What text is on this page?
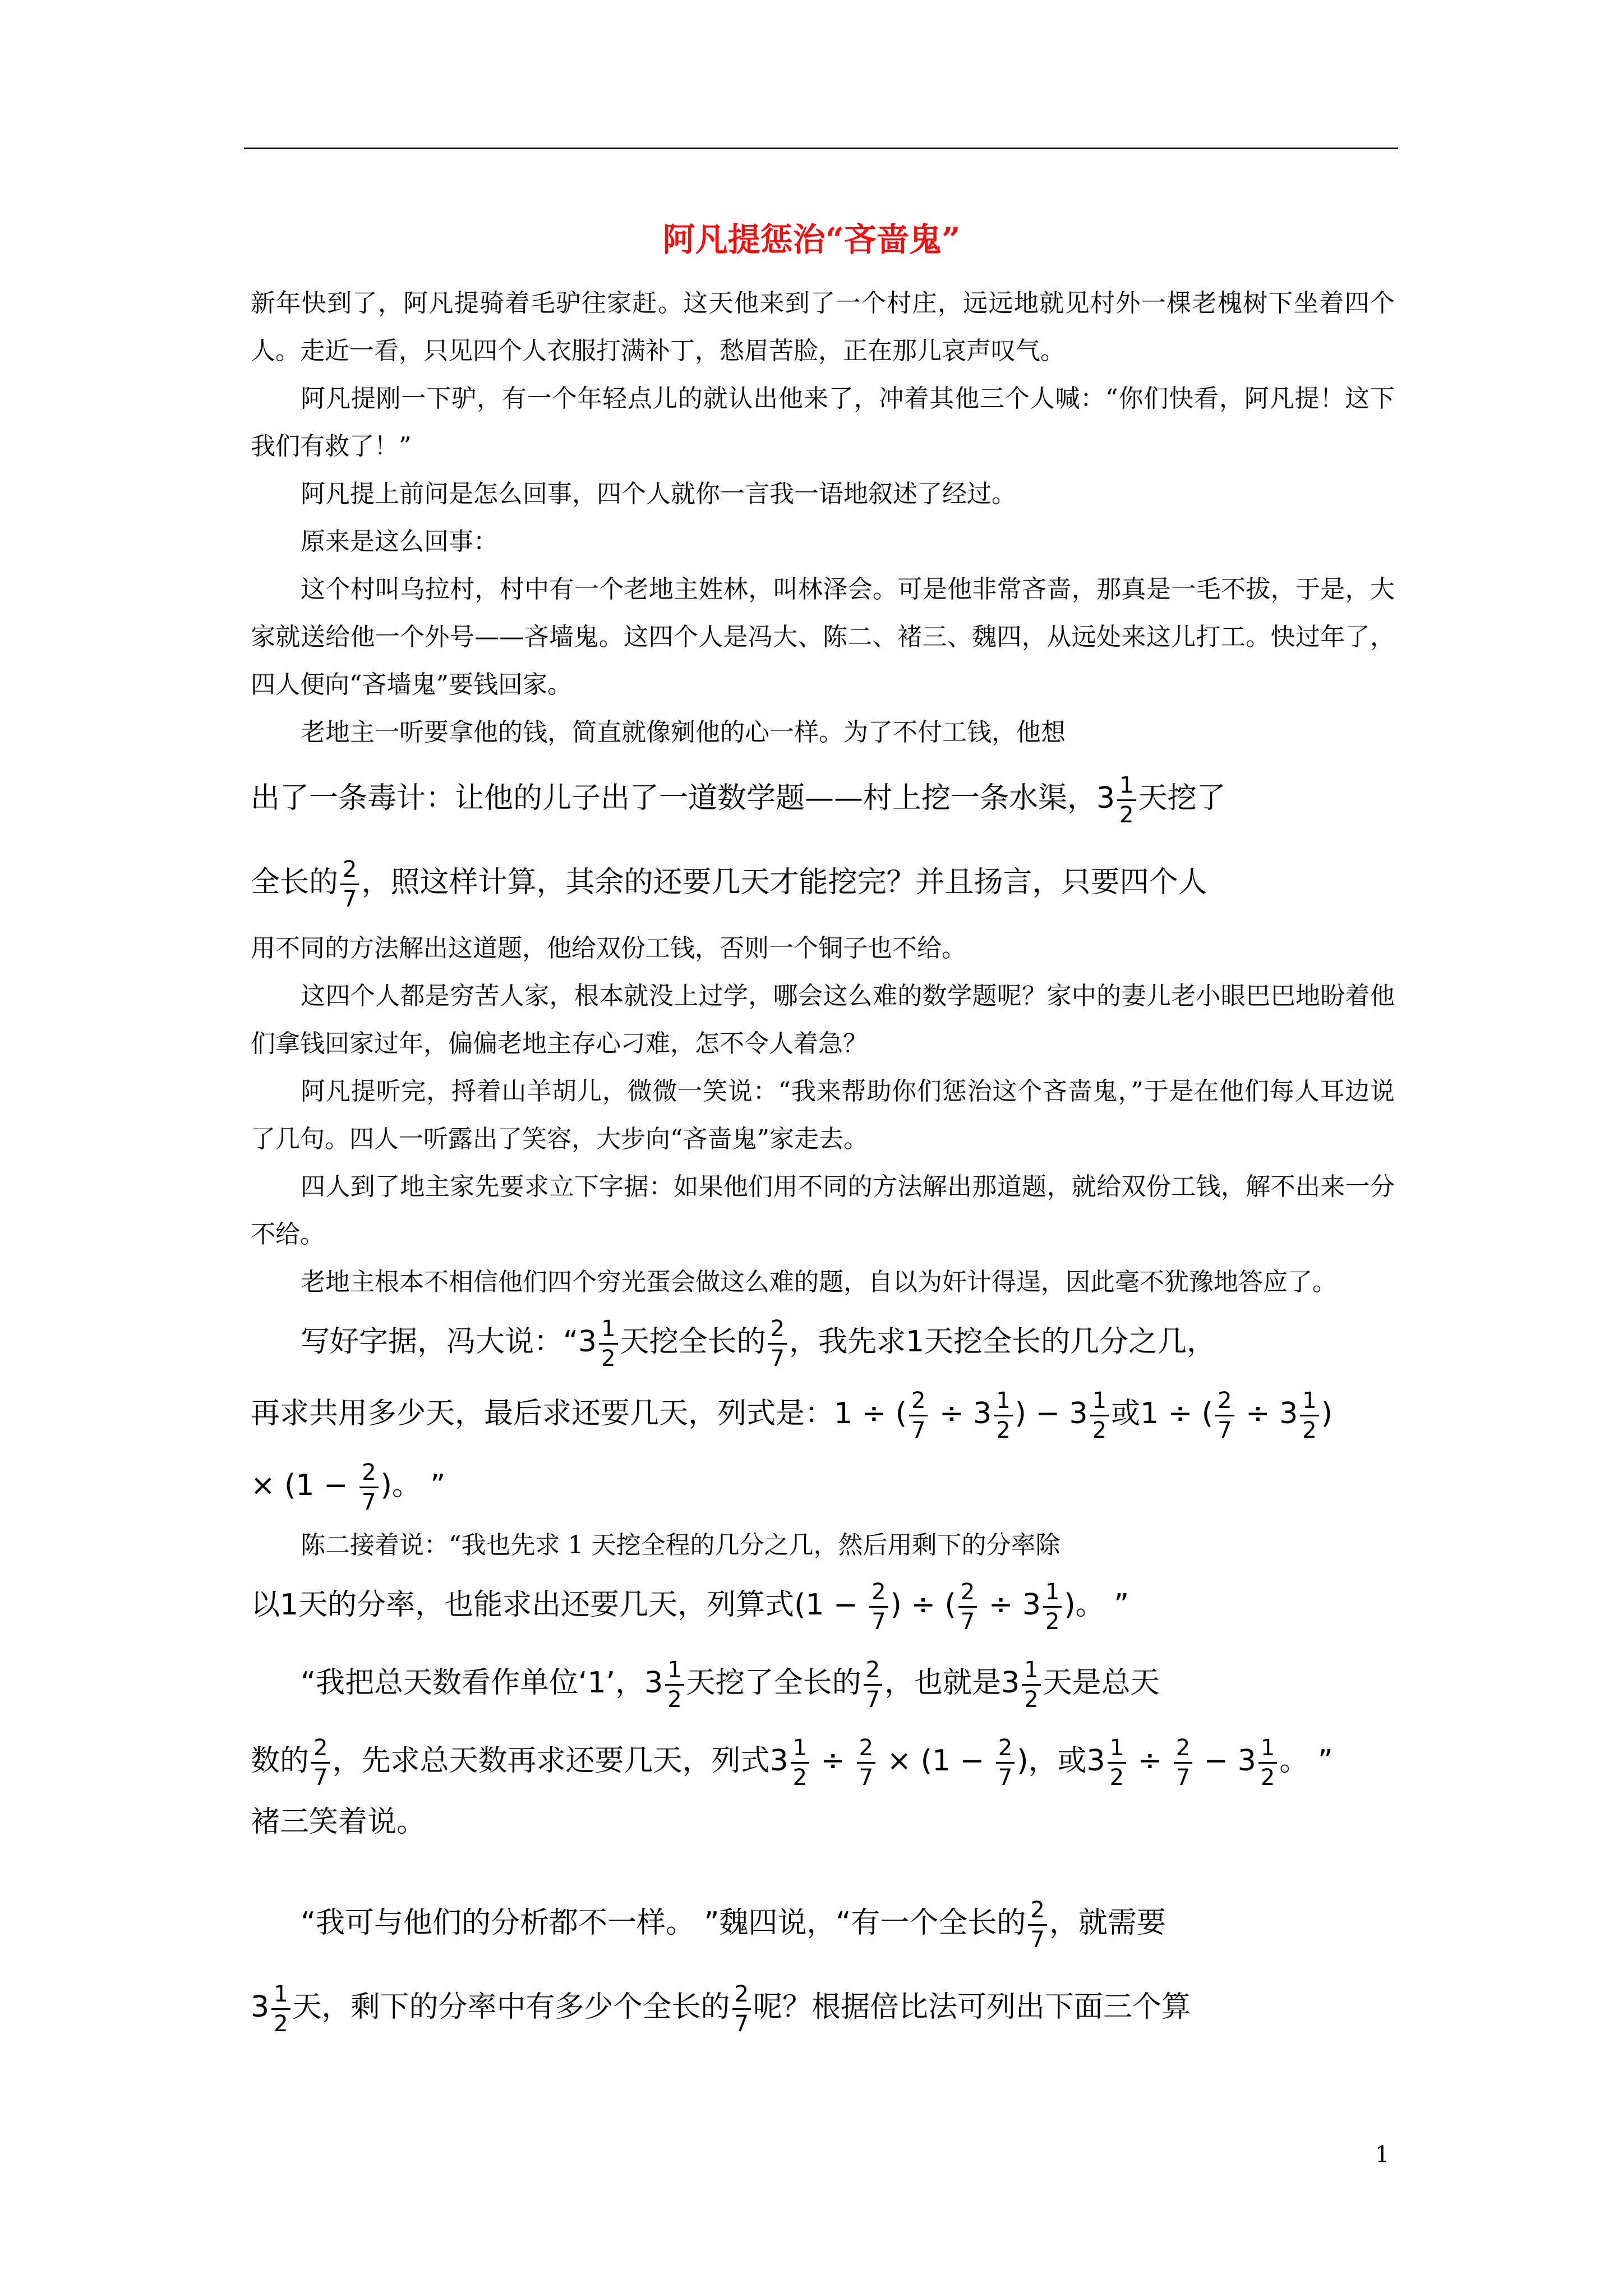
阿凡提惩治“吝啬鬼”

新年快到了，阿凡提骑着毛驴往家赶。这天他来到了一个村庄，远远地就见村外一棵老槐树下坐着四个人。走近一看，只见四个人衣服打满补丁，愁眉苦脸，正在那儿哀声叹气。

阿凡提刚一下驴，有一个年轻点儿的就认出他来了，冲着其他三个人喊：“你们快看，阿凡提！这下我们有救了！”

阿凡提上前问是怎么回事，四个人就你一言我一语地叙述了经过。

原来是这么回事：

这个村叫乌拉村，村中有一个老地主姓林，叫林泽会。可是他非常吝啬，那真是一毛不拔，于是，大家就送给他一个外号——吝墙鬼。这四个人是冯大、陈二、褚三、魏四，从远处来这儿打工。快过年了，四人便向“吝墙鬼”要钱回家。

老地主一听要拿他的钱，简直就像剜他的心一样。为了不付工钱，他想

出了一条毒计：让他的儿子出了一道数学题——村上挖一条水渠，$3 \frac{1}{2}$ 天挖了

全长的 $\frac{2}{7}$ ，照这样计算，其余的还要几天才能挖完？并且扬言，只要四个人

用不同的方法解出这道题，他给双份工钱，否则一个铜子也不给。

这四个人都是穷苦人家，根本就没上过学，哪会这么难的数学题呢？家中的妻儿老小眼巴巴地盼着他们拿钱回家过年，偏偏老地主存心刁难，怎不令人着急？

阿凡提听完，捋着山羊胡儿，微微一笑说：“我来帮助你们惩治这个吝啬鬼，”于是在他们每人耳边说了几句。四人一听露出了笑容，大步向“吝啬鬼”家走去。

四人到了地主家先要求立下字据：如果他们用不同的方法解出那道题，就给双份工钱，解不出来一分不给。

老地主根本不相信他们四个穷光蛋会做这么难的题，自以为奸计得逞，因此毫不犹豫地答应了。

写好字据，冯大说：“$3 \frac{1}{2}$ 天挖全长的 $\frac{2}{7}$ ，我先求1天挖全长的几分之几，

再求共用多少天，最后求还要几天，列式是：1 ÷ ( $\frac{2}{7} \div 3 \frac{1}{2}$ ) − $3 \frac{1}{2}$ 或1 ÷ ( $\frac{2}{7} \div 3 \frac{1}{2}$ )

× ($1 - \frac{2}{7}$ )。 ”

陈二接着说：“我也先求 1 天挖全程的几分之几，然后用剩下的分率除

以1天的分率，也能求出还要几天，列算式($1 - \frac{2}{7}$ ) ÷ ( $\frac{2}{7} \div 3 \frac{1}{2}$ )。 ”

“我把总天数看作单位‘1’，$3 \frac{1}{2}$ 天挖了全长的 $\frac{2}{7}$ ，也就是$3 \frac{1}{2}$ 天是总天

数的 $\frac{2}{7}$ ，先求总天数再求还要几天，列式$3 \frac{1}{2} \div \frac{2}{7} \times (1 - \frac{2}{7}$ )，或$3 \frac{1}{2} \div \frac{2}{7} - 3 \frac{1}{2}$ 。 ”

褚三笑着说。

“我可与他们的分析都不一样。 ”魏四说，“有一个全长的 $\frac{2}{7}$ ，就需要

$3 \frac{1}{2}$ 天，剩下的分率中有多少个全长的 $\frac{2}{7}$ 呢？根据倍比法可列出下面三个算

1
